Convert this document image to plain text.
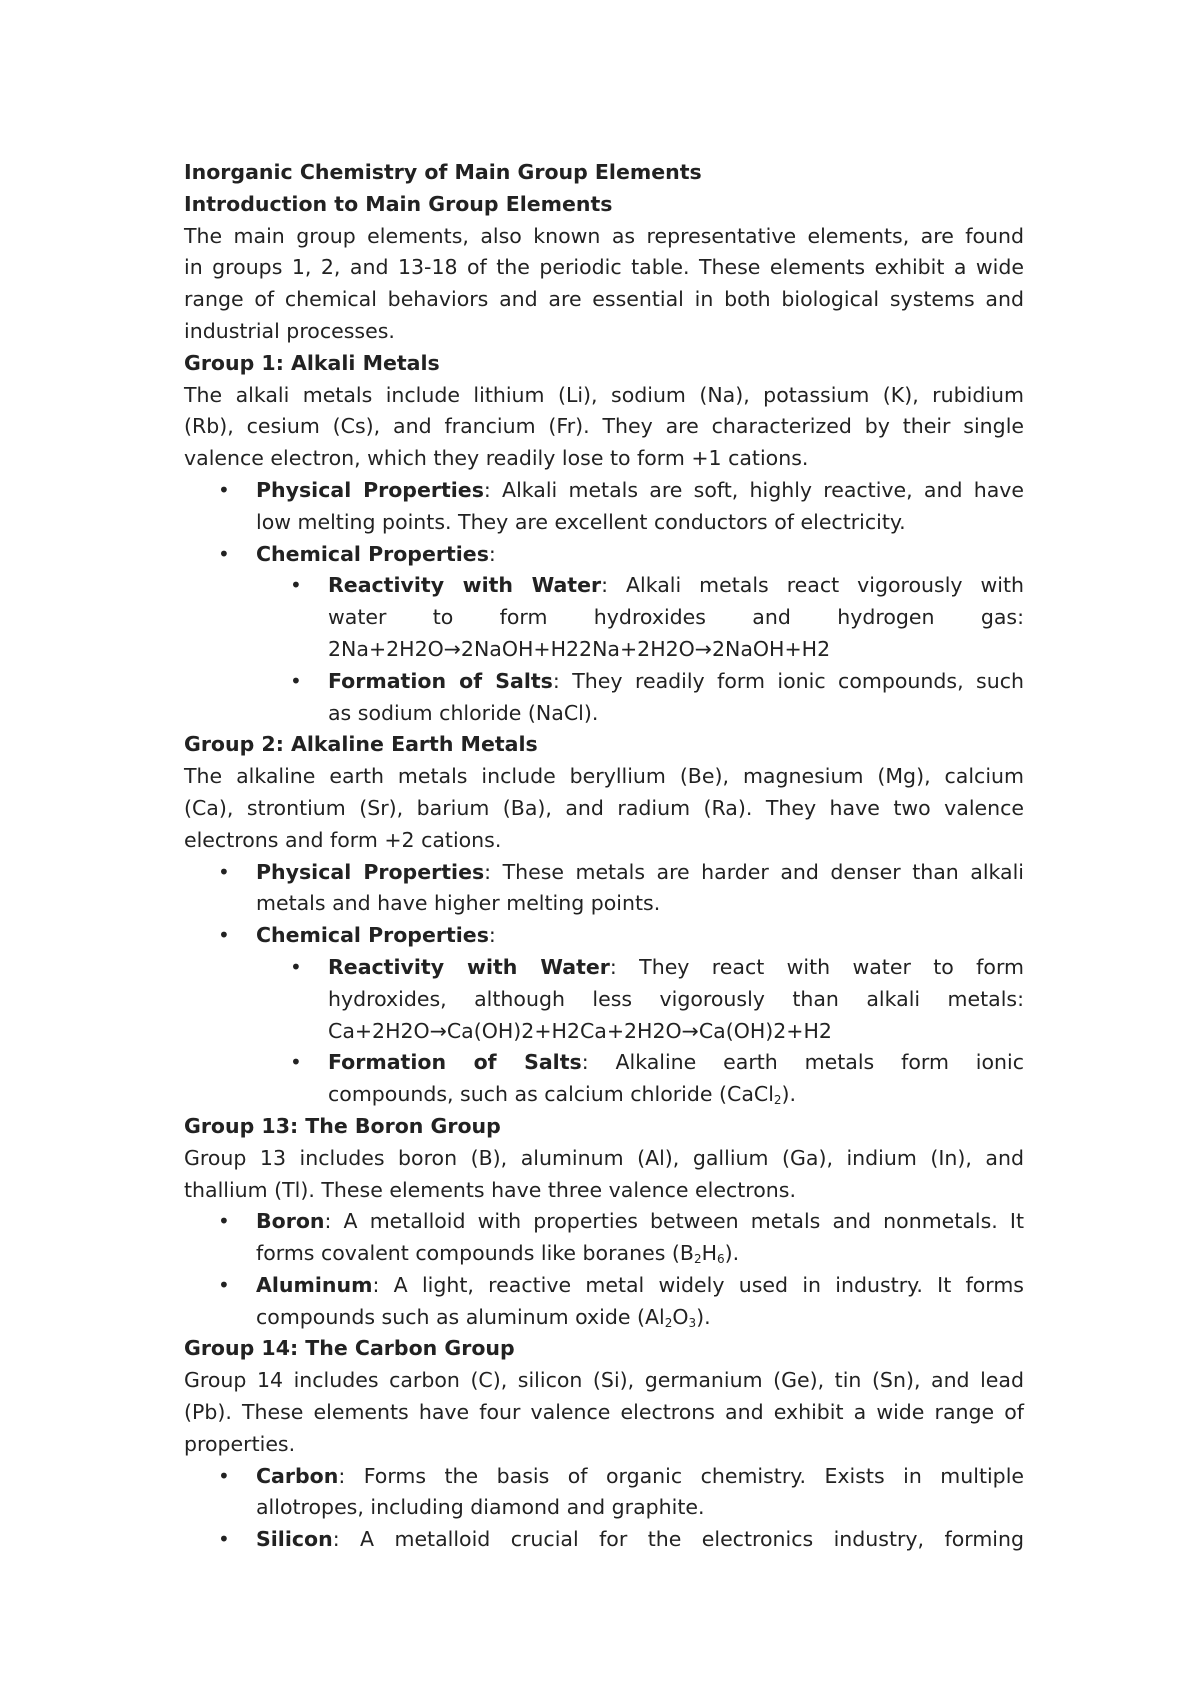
Inorganic Chemistry of Main Group Elements
Introduction to Main Group Elements
The main group elements, also known as representative elements, are found
in groups 1, 2, and 13-18 of the periodic table. These elements exhibit a wide
range of chemical behaviors and are essential in both biological systems and
industrial processes.
Group 1: Alkali Metals
The alkali metals include lithium (Li), sodium (Na), potassium (K), rubidium
(Rb), cesium (Cs), and francium (Fr). They are characterized by their single
valence electron, which they readily lose to form +1 cations.
•
Physical Properties: Alkali metals are soft, highly reactive, and have
low melting points. They are excellent conductors of electricity.
•
Chemical Properties:
•
Reactivity with Water: Alkali metals react vigorously with
water to form hydroxides and hydrogen gas:
2Na+2H2O→2NaOH+H22Na+2H2O→2NaOH+H2
•
Formation of Salts: They readily form ionic compounds, such
as sodium chloride (NaCl).
Group 2: Alkaline Earth Metals
The alkaline earth metals include beryllium (Be), magnesium (Mg), calcium
(Ca), strontium (Sr), barium (Ba), and radium (Ra). They have two valence
electrons and form +2 cations.
•
Physical Properties: These metals are harder and denser than alkali
metals and have higher melting points.
•
Chemical Properties:
•
Reactivity with Water: They react with water to form
hydroxides, although less vigorously than alkali metals:
Ca+2H2O→Ca(OH)2+H2Ca+2H2O→Ca(OH)2+H2
•
Formation of Salts: Alkaline earth metals form ionic
compounds, such as calcium chloride (CaCl$_2$).
Group 13: The Boron Group
Group 13 includes boron (B), aluminum (Al), gallium (Ga), indium (In), and
thallium (Tl). These elements have three valence electrons.
•
Boron: A metalloid with properties between metals and nonmetals. It
forms covalent compounds like boranes $(B_2H_6)$.
•
Aluminum: A light, reactive metal widely used in industry. It forms
compounds such as aluminum oxide $(Al_2O_3)$.
Group 14: The Carbon Group
Group 14 includes carbon (C), silicon (Si), germanium (Ge), tin (Sn), and lead
(Pb). These elements have four valence electrons and exhibit a wide range of
properties.
•
Carbon: Forms the basis of organic chemistry. Exists in multiple
allotropes, including diamond and graphite.
•
Silicon: A metalloid crucial for the electronics industry, forming
